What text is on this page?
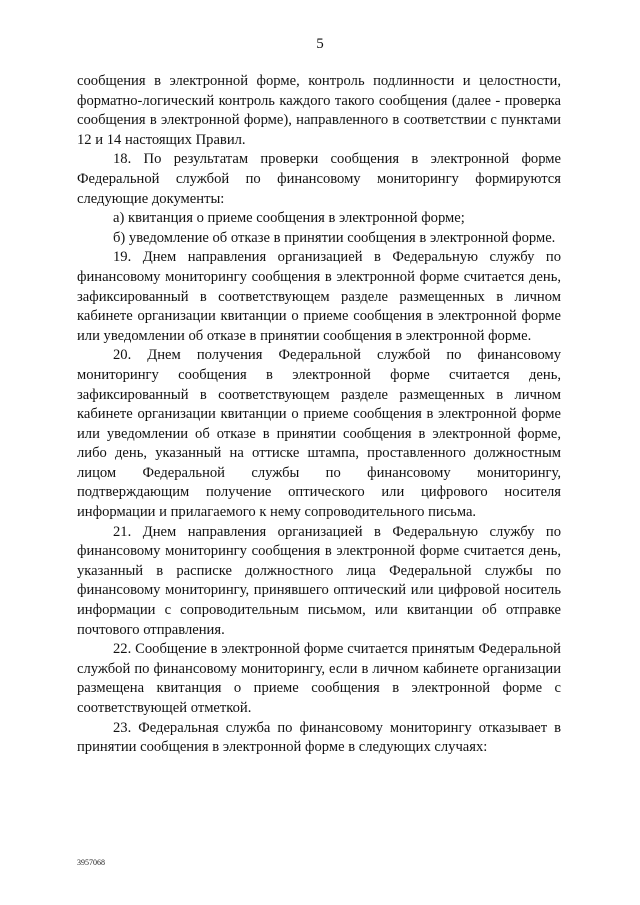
5

сообщения в электронной форме, контроль подлинности и целостности, форматно-логический контроль каждого такого сообщения (далее - проверка сообщения в электронной форме), направленного в соответствии с пунктами 12 и 14 настоящих Правил.

18. По результатам проверки сообщения в электронной форме Федеральной службой по финансовому мониторингу формируются следующие документы:

а) квитанция о приеме сообщения в электронной форме;

б) уведомление об отказе в принятии сообщения в электронной форме.

19. Днем направления организацией в Федеральную службу по финансовому мониторингу сообщения в электронной форме считается день, зафиксированный в соответствующем разделе размещенных в личном кабинете организации квитанции о приеме сообщения в электронной форме или уведомлении об отказе в принятии сообщения в электронной форме.

20. Днем получения Федеральной службой по финансовому мониторингу сообщения в электронной форме считается день, зафиксированный в соответствующем разделе размещенных в личном кабинете организации квитанции о приеме сообщения в электронной форме или уведомлении об отказе в принятии сообщения в электронной форме, либо день, указанный на оттиске штампа, проставленного должностным лицом Федеральной службы по финансовому мониторингу, подтверждающим получение оптического или цифрового носителя информации и прилагаемого к нему сопроводительного письма.

21. Днем направления организацией в Федеральную службу по финансовому мониторингу сообщения в электронной форме считается день, указанный в расписке должностного лица Федеральной службы по финансовому мониторингу, принявшего оптический или цифровой носитель информации с сопроводительным письмом, или квитанции об отправке почтового отправления.

22. Сообщение в электронной форме считается принятым Федеральной службой по финансовому мониторингу, если в личном кабинете организации размещена квитанция о приеме сообщения в электронной форме с соответствующей отметкой.

23. Федеральная служба по финансовому мониторингу отказывает в принятии сообщения в электронной форме в следующих случаях:

3957068
